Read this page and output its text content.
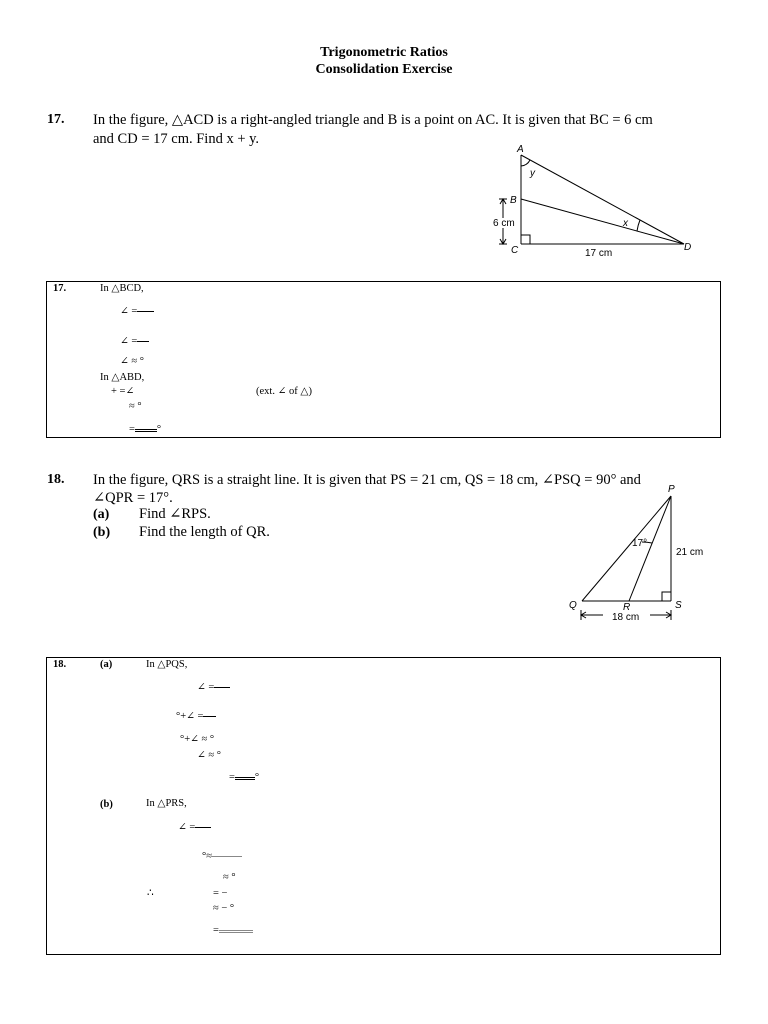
Trigonometric Ratios
Consolidation Exercise
17. In the figure, △ACD is a right-angled triangle and B is a point on AC. It is given that BC = 6 cm
and CD = 17 cm. Find x + y.
A
y
B
6 cm
C
x
D
17 cm
17.	In △BCD,
∠ =
∠ =
∠ ≈ °
In △ABD,
+ =∠	(ext. ∠ of △)
≈ °
= °
18. In the figure, QRS is a straight line. It is given that PS = 21 cm, QS = 18 cm, ∠PSQ = 90° and
∠QPR = 17°.
(a) Find ∠RPS.
(b) Find the length of QR.
P
17°
21 cm
Q	R	S
18 cm
18.	(a)	In △PQS,
∠ =
°+∠ =
°+∠ ≈ °
∠ ≈ °
= °
(b)	In △PRS,
∠ =
°≈
≈ °
∴	= −
≈ − °
=
